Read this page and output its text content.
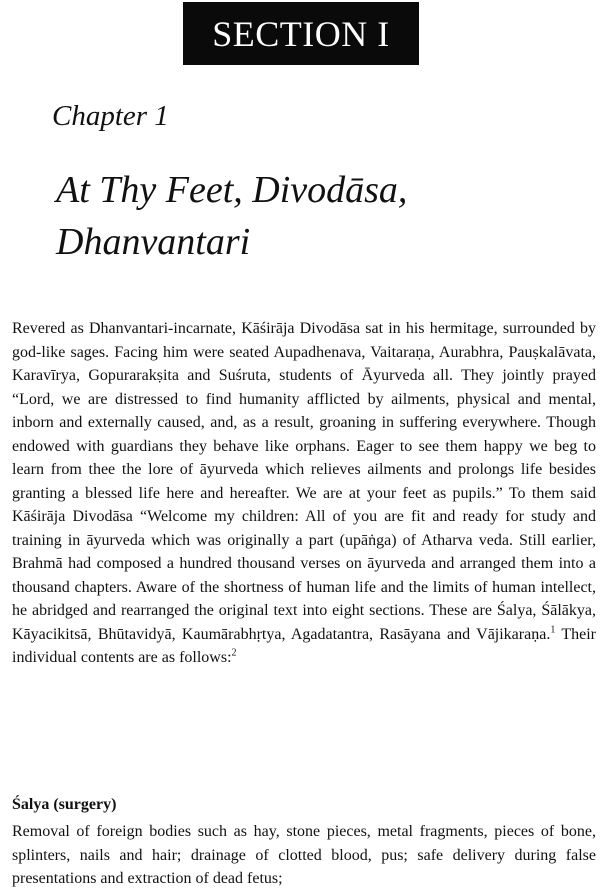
SECTION I
Chapter 1
At Thy Feet, Divodāsa, Dhanvantari
Revered as Dhanvantari-incarnate, Kāśirāja Divodāsa sat in his hermitage, surrounded by god-like sages. Facing him were seated Aupadhenava, Vaitaraṇa, Aurabhra, Pauṣkalāvata, Karavīrya, Gopurarakṣita and Suśruta, students of Āyurveda all. They jointly prayed “Lord, we are distressed to find humanity afflicted by ailments, physical and mental, inborn and externally caused, and, as a result, groaning in suffering everywhere. Though endowed with guardians they behave like orphans. Eager to see them happy we beg to learn from thee the lore of āyurveda which relieves ailments and prolongs life besides granting a blessed life here and hereafter. We are at your feet as pupils.” To them said Kāśirāja Divodāsa “Welcome my children: All of you are fit and ready for study and training in āyurveda which was originally a part (upāṅga) of Atharva veda. Still earlier, Brahmā had composed a hundred thousand verses on āyurveda and arranged them into a thousand chapters. Aware of the shortness of human life and the limits of human intellect, he abridged and rearranged the original text into eight sections. These are Śalya, Śālākya, Kāyacikitsā, Bhūtavidyā, Kaumārabhṛtya, Agadatantra, Rasāyana and Vājikaraṇa.$^1$ Their individual contents are as follows:$^2$
Śalya (surgery)
Removal of foreign bodies such as hay, stone pieces, metal fragments, pieces of bone, splinters, nails and hair; drainage of clotted blood, pus; safe delivery during false presentations and extraction of dead fetus;
